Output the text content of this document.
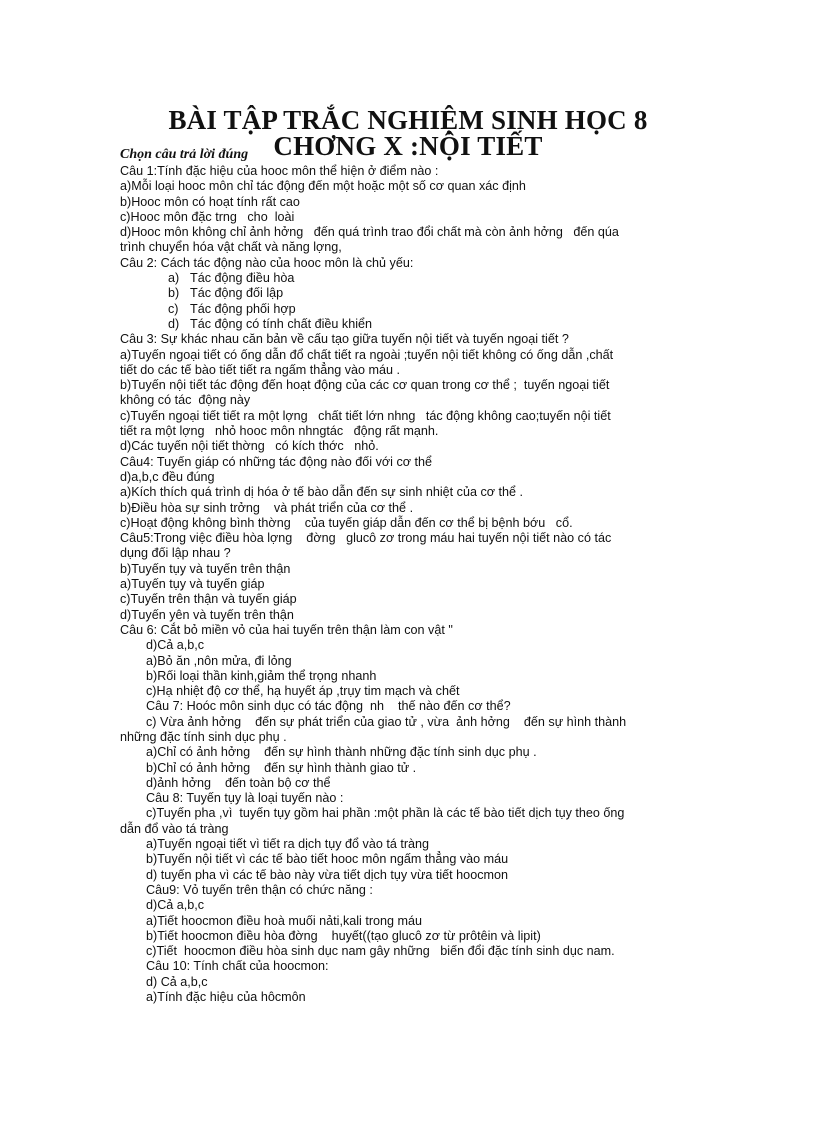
BÀI TẬP TRẮC NGHIỆM SINH HỌC 8
CHƠNG X :NỘI TIẾT
Chọn câu trả lời đúng
Câu 1:Tính đặc hiệu của hooc môn thể hiện ở điểm nào :
a)Mỗi loại hooc môn chỉ tác động đến một hoặc một số cơ quan xác định
b)Hooc môn có hoạt tính rất cao
c)Hooc môn đặc trng   cho  loài
d)Hooc môn không chỉ ảnh hởng   đến quá trình trao đổi chất mà còn ảnh hởng   đến qúa
trình chuyển hóa vật chất và năng lợng,
Câu 2: Cách tác động nào của hooc môn là chủ yếu:
a) Tác động điều hòa
b) Tác động đối lập
c) Tác động phối hợp
d) Tác động có tính chất điều khiển
Câu 3: Sự khác nhau căn bản về cấu tạo giữa tuyến nội tiết và tuyến ngoại tiết ?
a)Tuyến ngoại tiết có ống dẫn đổ chất tiết ra ngoài ;tuyến nội tiết không có ống dẫn ,chất
tiết do các tế bào tiết tiết ra ngấm thẳng vào máu .
b)Tuyến nội tiết tác động đến hoạt động của các cơ quan trong cơ thể ;  tuyến ngoại tiết
không có tác  động này
c)Tuyến ngoại tiết tiết ra một lợng   chất tiết lớn nhng   tác động không cao;tuyến nội tiết
tiết ra một lợng   nhỏ hooc môn nhngtác   động rất mạnh.
d)Các tuyến nội tiết thờng   có kích thớc   nhỏ.
Câu4: Tuyến giáp có những tác động nào đối với cơ thể
d)a,b,c đều đúng
a)Kích thích quá trình dị hóa ở tế bào dẫn đến sự sinh nhiệt của cơ thể .
b)Điều hòa sự sinh trởng    và phát triển của cơ thể .
c)Hoạt động không bình thờng    của tuyến giáp dẫn đến cơ thể bị bệnh bớu   cổ.
Câu5:Trong việc điều hòa lợng    đờng   glucô zơ trong máu hai tuyến nội tiết nào có tác
dụng đối lập nhau ?
b)Tuyến tụy và tuyến trên thận
a)Tuyến tụy và tuyến giáp
c)Tuyến trên thận và tuyến giáp
d)Tuyến yên và tuyến trên thận
Câu 6: Cắt bỏ miền vỏ của hai tuyến trên thận làm con vật "
d)Cả a,b,c
a)Bỏ ăn ,nôn mửa, đi lỏng
b)Rối loại thần kinh,giảm thể trọng nhanh
c)Hạ nhiệt độ cơ thể, hạ huyết áp ,trụy tim mạch và chết
Câu 7: Hoóc môn sinh dục có tác động  nh    thế nào đến cơ thể?
c) Vừa ảnh hởng    đến sự phát triển của giao tử , vừa  ảnh hởng    đến sự hình thành
những đặc tính sinh dục phụ .
a)Chỉ có ảnh hởng    đến sự hình thành những đặc tính sinh dục phụ .
b)Chỉ có ảnh hởng    đến sự hình thành giao tử .
d)ảnh hởng    đến toàn bộ cơ thể
Câu 8: Tuyến tụy là loại tuyến nào :
c)Tuyến pha ,vì  tuyến tụy gồm hai phần :một phần là các tế bào tiết dịch tụy theo ống
dẫn đổ vào tá tràng
a)Tuyến ngoại tiết vì tiết ra dịch tụy đổ vào tá tràng
b)Tuyến nội tiết vì các tế bào tiết hooc môn ngấm thẳng vào máu
d) tuyến pha vì các tế bào này vừa tiết dịch tụy vừa tiết hoocmon
Câu9: Vỏ tuyến trên thận có chức năng :
d)Cả a,b,c
a)Tiết hoocmon điều hoà muối nảti,kali trong máu
b)Tiết hoocmon điều hòa đờng    huyết((tạo glucô zơ từ prôtêin và lipit)
c)Tiết  hoocmon điều hòa sinh dục nam gây những   biến đổi đặc tính sinh dục nam.
Câu 10: Tính chất của hoocmon:
d) Cả a,b,c
a)Tính đặc hiệu của hôcmôn
